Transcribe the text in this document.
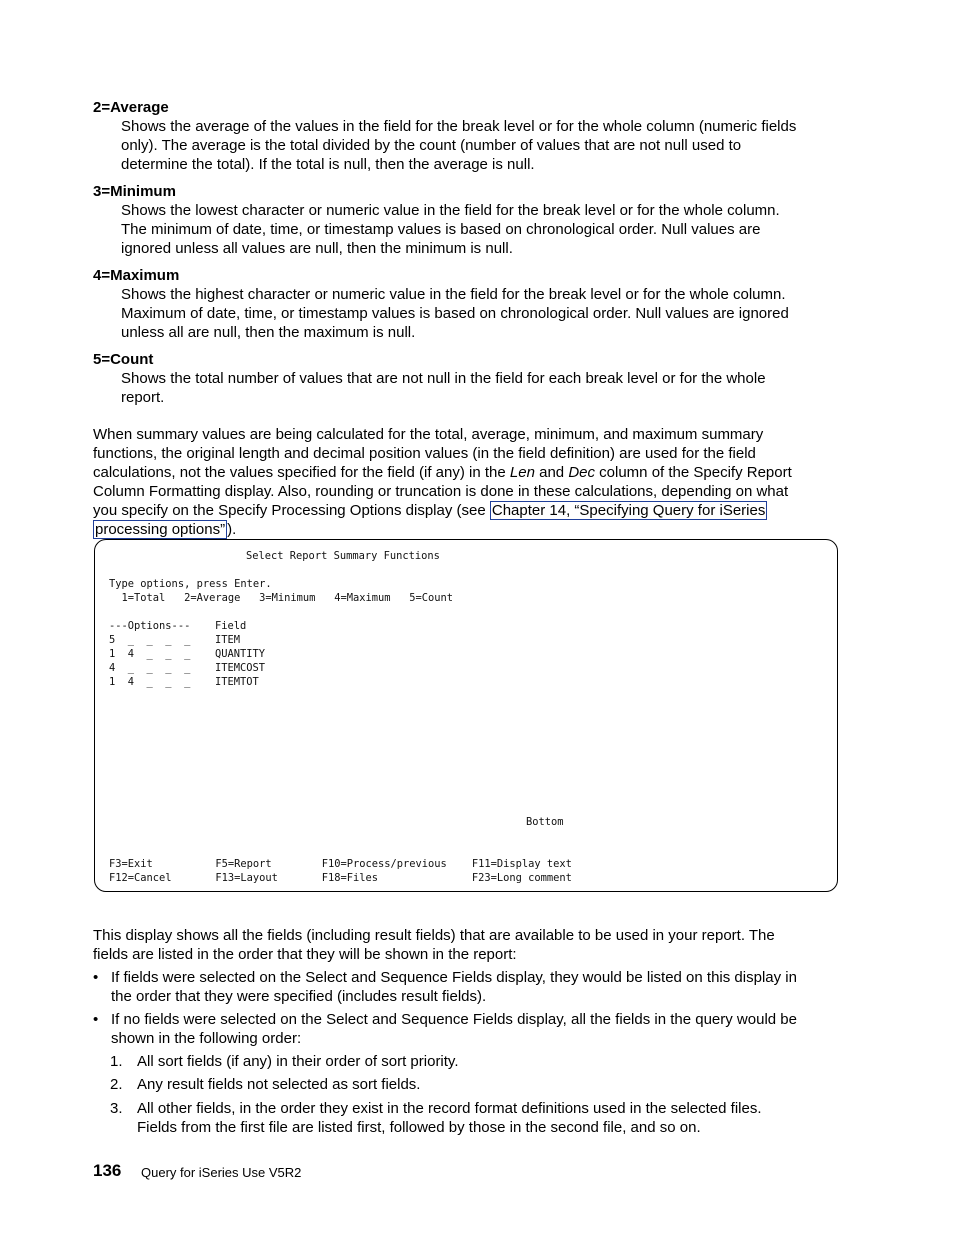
2=Average
Shows the average of the values in the field for the break level or for the whole column (numeric fields
only). The average is the total divided by the count (number of values that are not null used to
determine the total). If the total is null, then the average is null.
3=Minimum
Shows the lowest character or numeric value in the field for the break level or for the whole column.
The minimum of date, time, or timestamp values is based on chronological order. Null values are
ignored unless all values are null, then the minimum is null.
4=Maximum
Shows the highest character or numeric value in the field for the break level or for the whole column.
Maximum of date, time, or timestamp values is based on chronological order. Null values are ignored
unless all are null, then the maximum is null.
5=Count
Shows the total number of values that are not null in the field for each break level or for the whole
report.
When summary values are being calculated for the total, average, minimum, and maximum summary
functions, the original length and decimal position values (in the field definition) are used for the field
calculations, not the values specified for the field (if any) in the Len and Dec column of the Specify Report
Column Formatting display. Also, rounding or truncation is done in these calculations, depending on what
you specify on the Specify Processing Options display (see Chapter 14, “Specifying Query for iSeries
processing options” ).
Select Report Summary Functions
Type options, press Enter.
1=Total   2=Average   3=Minimum   4=Maximum   5=Count
---Options--- Field
5  _  _  _  _ ITEM
1  4  _  _  _ QUANTITY
4  _  _  _  _ ITEMCOST
1  4  _  _  _ ITEMTOT
Bottom
F3=Exit          F5=Report        F10=Process/previous    F11=Display text
F12=Cancel       F13=Layout       F18=Files               F23=Long comment
This display shows all the fields (including result fields) that are available to be used in your report. The
fields are listed in the order that they will be shown in the report:
• If fields were selected on the Select and Sequence Fields display, they would be listed on this display in
the order that they were specified (includes result fields).
• If no fields were selected on the Select and Sequence Fields display, all the fields in the query would be
shown in the following order:
1. All sort fields (if any) in their order of sort priority.
2. Any result fields not selected as sort fields.
3. All other fields, in the order they exist in the record format definitions used in the selected files.
Fields from the first file are listed first, followed by those in the second file, and so on.
136 Query for iSeries Use V5R2
